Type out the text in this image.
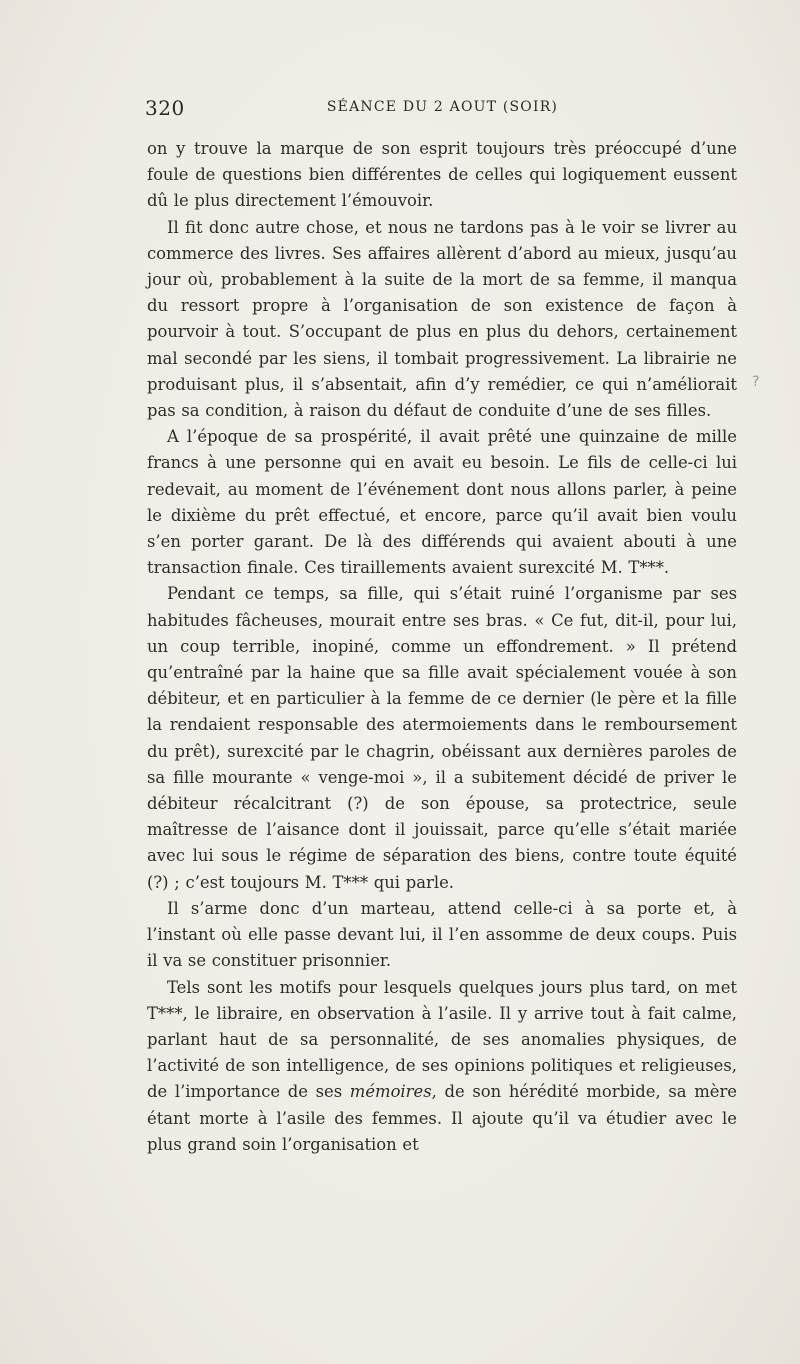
320	SÉANCE DU 2 AOUT (SOIR)

on y trouve la marque de son esprit toujours très préoccupé d’une foule de questions bien différentes de celles qui logiquement eussent dû le plus directement l’émouvoir.

Il fit donc autre chose, et nous ne tardons pas à le voir se livrer au commerce des livres. Ses affaires allèrent d’abord au mieux, jusqu’au jour où, probablement à la suite de la mort de sa femme, il manqua du ressort propre à l’organisation de son existence de façon à pourvoir à tout. S’occupant de plus en plus du dehors, certainement mal secondé par les siens, il tombait progressivement. La librairie ne produisant plus, il s’absentait, afin d’y remédier, ce qui n’améliorait pas sa condition, à raison du défaut de conduite d’une de ses filles.

A l’époque de sa prospérité, il avait prêté une quinzaine de mille francs à une personne qui en avait eu besoin. Le fils de celle-ci lui redevait, au moment de l’événement dont nous allons parler, à peine le dixième du prêt effectué, et encore, parce qu’il avait bien voulu s’en porter garant. De là des différends qui avaient abouti à une transaction finale. Ces tiraillements avaient surexcité M. T***.

Pendant ce temps, sa fille, qui s’était ruiné l’organisme par ses habitudes fâcheuses, mourait entre ses bras. « Ce fut, dit-il, pour lui, un coup terrible, inopiné, comme un effondrement. » Il prétend qu’entraîné par la haine que sa fille avait spécialement vouée à son débiteur, et en particulier à la femme de ce dernier (le père et la fille la rendaient responsable des atermoiements dans le remboursement du prêt), surexcité par le chagrin, obéissant aux dernières paroles de sa fille mourante « venge-moi », il a subitement décidé de priver le débiteur récalcitrant (?) de son épouse, sa protectrice, seule maîtresse de l’aisance dont il jouissait, parce qu’elle s’était mariée avec lui sous le régime de séparation des biens, contre toute équité (?) ; c’est toujours M. T*** qui parle.

Il s’arme donc d’un marteau, attend celle-ci à sa porte et, à l’instant où elle passe devant lui, il l’en assomme de deux coups. Puis il va se constituer prisonnier.

Tels sont les motifs pour lesquels quelques jours plus tard, on met T***, le libraire, en observation à l’asile. Il y arrive tout à fait calme, parlant haut de sa personnalité, de ses anomalies physiques, de l’activité de son intelligence, de ses opinions politiques et religieuses, de l’importance de ses mémoires, de son hérédité morbide, sa mère étant morte à l’asile des femmes. Il ajoute qu’il va étudier avec le plus grand soin l’organisation et

?
